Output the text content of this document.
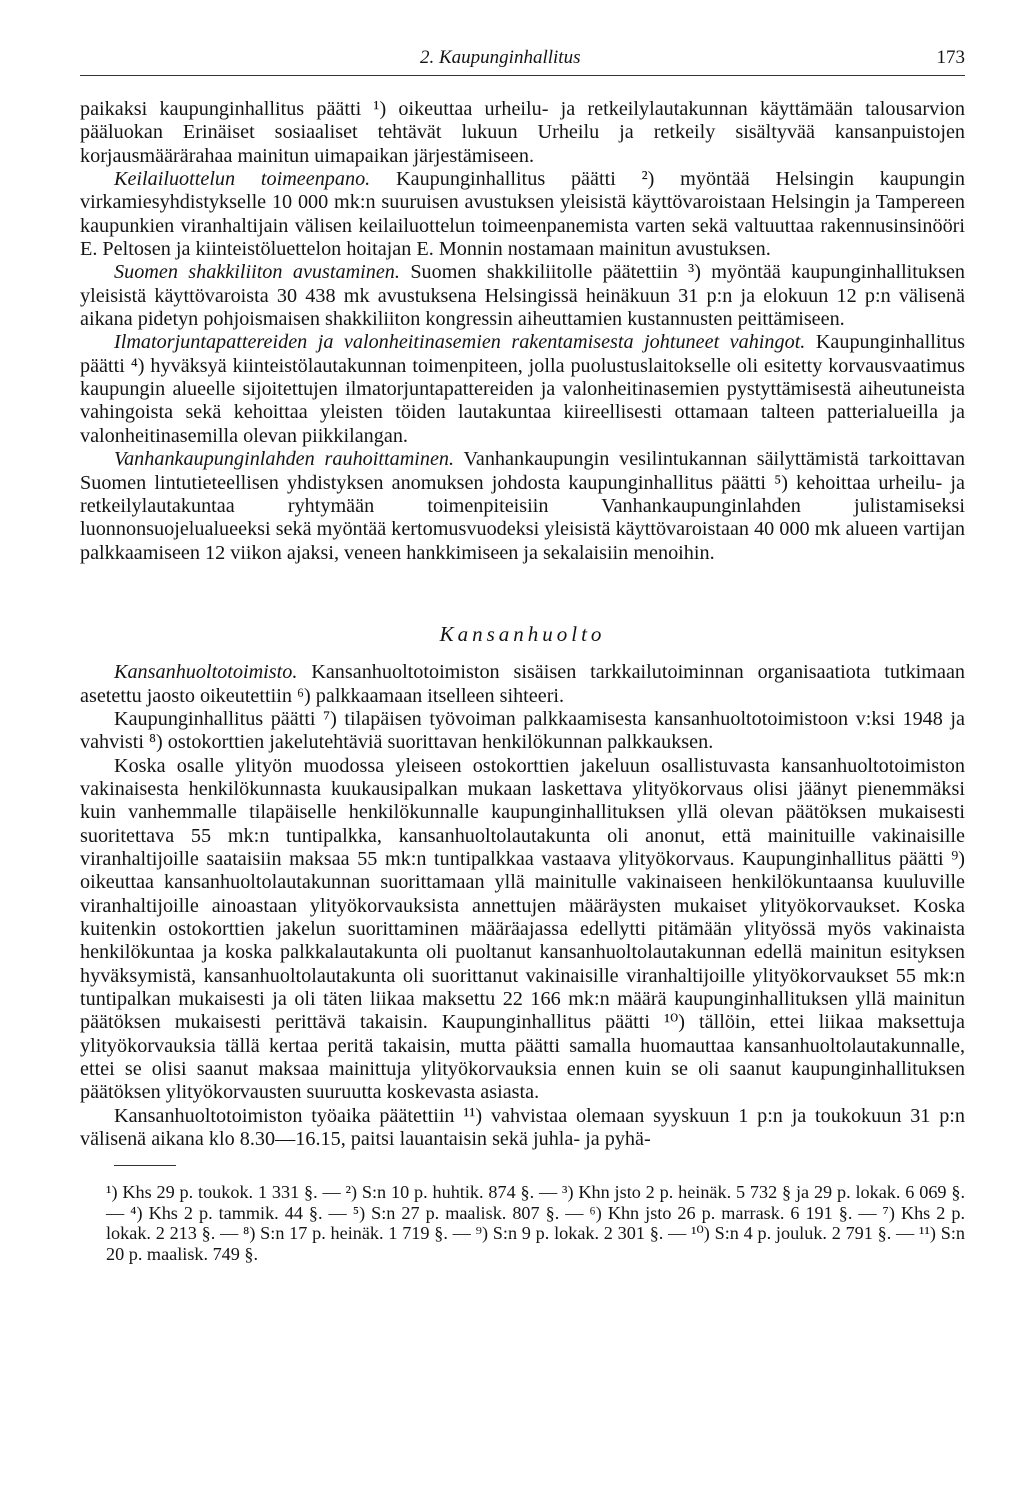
2. Kaupunginhallitus	173

paikaksi kaupunginhallitus päätti ¹) oikeuttaa urheilu- ja retkeilylautakunnan käyttämään talousarvion pääluokan Erinäiset sosiaaliset tehtävät lukuun Urheilu ja retkeily sisältyvää kansanpuistojen korjausmäärärahaa mainitun uimapaikan järjestämiseen.

Keilailuottelun toimeenpano. Kaupunginhallitus päätti ²) myöntää Helsingin kaupungin virkamiesyhdistykselle 10 000 mk:n suuruisen avustuksen yleisistä käyttövaroistaan Helsingin ja Tampereen kaupunkien viranhaltijain välisen keilailuottelun toimeenpanemista varten sekä valtuuttaa rakennusinsinööri E. Peltosen ja kiinteistöluettelon hoitajan E. Monnin nostamaan mainitun avustuksen.

Suomen shakkiliiton avustaminen. Suomen shakkiliitolle päätettiin ³) myöntää kaupunginhallituksen yleisistä käyttövaroista 30 438 mk avustuksena Helsingissä heinäkuun 31 p:n ja elokuun 12 p:n välisenä aikana pidetyn pohjoismaisen shakkiliiton kongressin aiheuttamien kustannusten peittämiseen.

Ilmatorjuntapattereiden ja valonheitinasemien rakentamisesta johtuneet vahingot. Kaupunginhallitus päätti ⁴) hyväksyä kiinteistölautakunnan toimenpiteen, jolla puolustuslaitokselle oli esitetty korvausvaatimus kaupungin alueelle sijoitettujen ilmatorjuntapattereiden ja valonheitinasemien pystyttämisestä aiheutuneista vahingoista sekä kehoittaa yleisten töiden lautakuntaa kiireellisesti ottamaan talteen patterialueilla ja valonheitinasemilla olevan piikkilangan.

Vanhankaupunginlahden rauhoittaminen. Vanhankaupungin vesilintukannan säilyttämistä tarkoittavan Suomen lintutieteellisen yhdistyksen anomuksen johdosta kaupunginhallitus päätti ⁵) kehoittaa urheilu- ja retkeilylautakuntaa ryhtymään toimenpiteisiin Vanhankaupunginlahden julistamiseksi luonnonsuojelualueeksi sekä myöntää kertomusvuodeksi yleisistä käyttövaroistaan 40 000 mk alueen vartijan palkkaamiseen 12 viikon ajaksi, veneen hankkimiseen ja sekalaisiin menoihin.

Kansanhuolto

Kansanhuoltotoimisto. Kansanhuoltotoimiston sisäisen tarkkailutoiminnan organisaatiota tutkimaan asetettu jaosto oikeutettiin ⁶) palkkaamaan itselleen sihteeri.

Kaupunginhallitus päätti ⁷) tilapäisen työvoiman palkkaamisesta kansanhuoltotoimistoon v:ksi 1948 ja vahvisti ⁸) ostokorttien jakelutehtäviä suorittavan henkilökunnan palkkauksen.

Koska osalle ylityön muodossa yleiseen ostokorttien jakeluun osallistuvasta kansanhuoltotoimiston vakinaisesta henkilökunnasta kuukausipalkan mukaan laskettava ylityökorvaus olisi jäänyt pienemmäksi kuin vanhemmalle tilapäiselle henkilökunnalle kaupunginhallituksen yllä olevan päätöksen mukaisesti suoritettava 55 mk:n tuntipalkka, kansanhuoltolautakunta oli anonut, että mainituille vakinaisille viranhaltijoille saataisiin maksaa 55 mk:n tuntipalkkaa vastaava ylityökorvaus. Kaupunginhallitus päätti ⁹) oikeuttaa kansanhuoltolautakunnan suorittamaan yllä mainitulle vakinaiseen henkilökuntaansa kuuluville viranhaltijoille ainoastaan ylityökorvauksista annettujen määräysten mukaiset ylityökorvaukset. Koska kuitenkin ostokorttien jakelun suorittaminen määräajassa edellytti pitämään ylityössä myös vakinaista henkilökuntaa ja koska palkkalautakunta oli puoltanut kansanhuoltolautakunnan edellä mainitun esityksen hyväksymistä, kansanhuoltolautakunta oli suorittanut vakinaisille viranhaltijoille ylityökorvaukset 55 mk:n tuntipalkan mukaisesti ja oli täten liikaa maksettu 22 166 mk:n määrä kaupunginhallituksen yllä mainitun päätöksen mukaisesti perittävä takaisin. Kaupunginhallitus päätti ¹⁰) tällöin, ettei liikaa maksettuja ylityökorvauksia tällä kertaa peritä takaisin, mutta päätti samalla huomauttaa kansanhuoltolautakunnalle, ettei se olisi saanut maksaa mainittuja ylityökorvauksia ennen kuin se oli saanut kaupunginhallituksen päätöksen ylityökorvausten suuruutta koskevasta asiasta.

Kansanhuoltotoimiston työaika päätettiin ¹¹) vahvistaa olemaan syyskuun 1 p:n ja toukokuun 31 p:n välisenä aikana klo 8.30—16.15, paitsi lauantaisin sekä juhla- ja pyhä-

¹) Khs 29 p. toukok. 1 331 §. — ²) S:n 10 p. huhtik. 874 §. — ³) Khn jsto 2 p. heinäk. 5 732 § ja 29 p. lokak. 6 069 §. — ⁴) Khs 2 p. tammik. 44 §. — ⁵) S:n 27 p. maalisk. 807 §. — ⁶) Khn jsto 26 p. marrask. 6 191 §. — ⁷) Khs 2 p. lokak. 2 213 §. — ⁸) S:n 17 p. heinäk. 1 719 §. — ⁹) S:n 9 p. lokak. 2 301 §. — ¹⁰) S:n 4 p. jouluk. 2 791 §. — ¹¹) S:n 20 p. maalisk. 749 §.
